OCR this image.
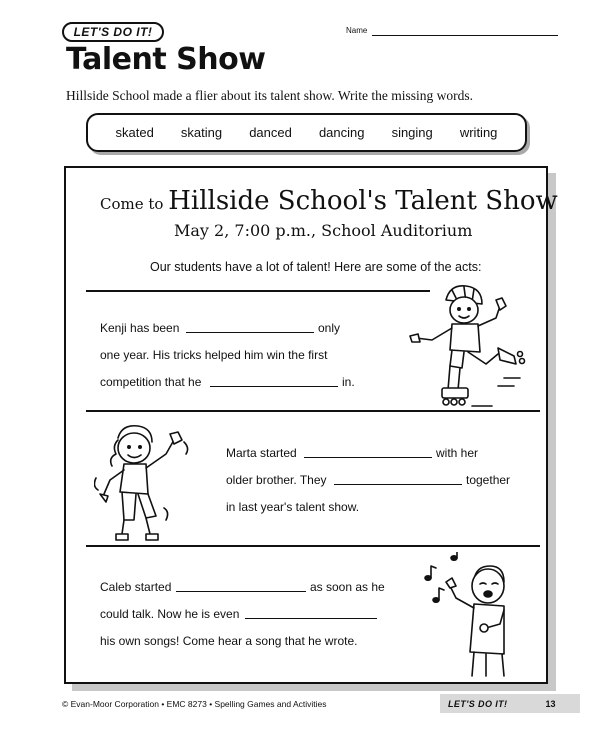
LET'S DO IT!	Name
Talent Show
Hillside School made a flier about its talent show. Write the missing words.
skated skating danced dancing singing writing
Come to Hillside School's Talent Show
May 2, 7:00 p.m., School Auditorium
Our students have a lot of talent! Here are some of the acts:
Kenji has been	only
one year. His tricks helped him win the first
competition that he	in.
Marta started	with her
older brother. They	together
in last year's talent show.
Caleb started	as soon as he
could talk. Now he is even
his own songs! Come hear a song that he wrote.
© Evan-Moor Corporation • EMC 8273 • Spelling Games and Activities	LET'S DO IT!	13
